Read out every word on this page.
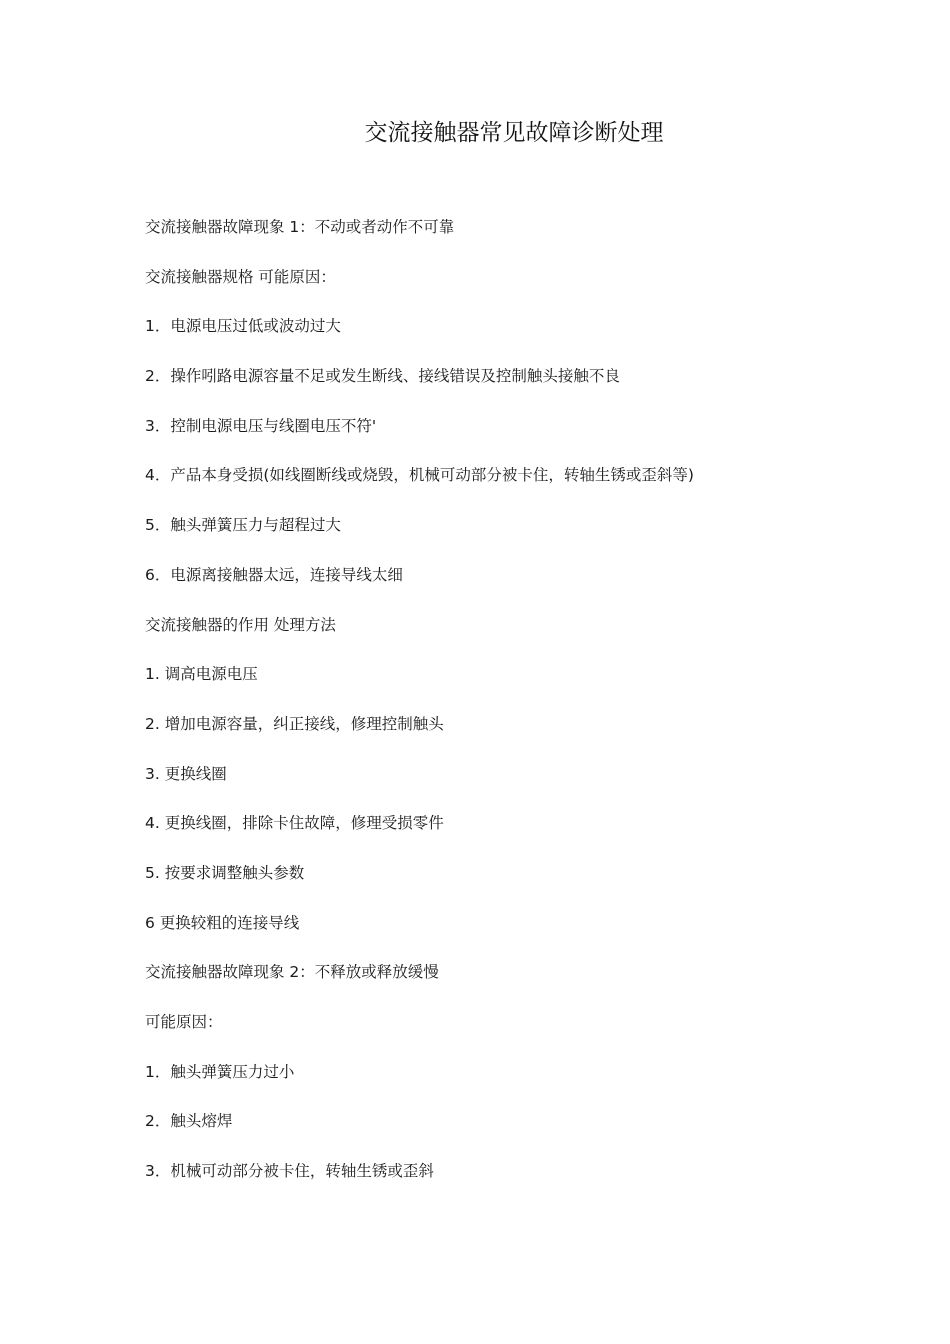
交流接触器常见故障诊断处理
交流接触器故障现象 1：不动或者动作不可靠
交流接触器规格 可能原因：
1．电源电压过低或波动过大
2．操作吲路电源容量不足或发生断线、接线错误及控制触头接触不良
3．控制电源电压与线圈电压不符'
4．产品本身受损(如线圈断线或烧毁，机械可动部分被卡住，转轴生锈或歪斜等)
5．触头弹簧压力与超程过大
6．电源离接触器太远，连接导线太细
交流接触器的作用 处理方法
1. 调高电源电压
2. 增加电源容量，纠正接线，修理控制触头
3. 更换线圈
4. 更换线圈，排除卡住故障，修理受损零件
5. 按要求调整触头参数
6 更换较粗的连接导线
交流接触器故障现象 2：不释放或释放缓慢
可能原因：
1．触头弹簧压力过小
2．触头熔焊
3．机械可动部分被卡住，转轴生锈或歪斜
